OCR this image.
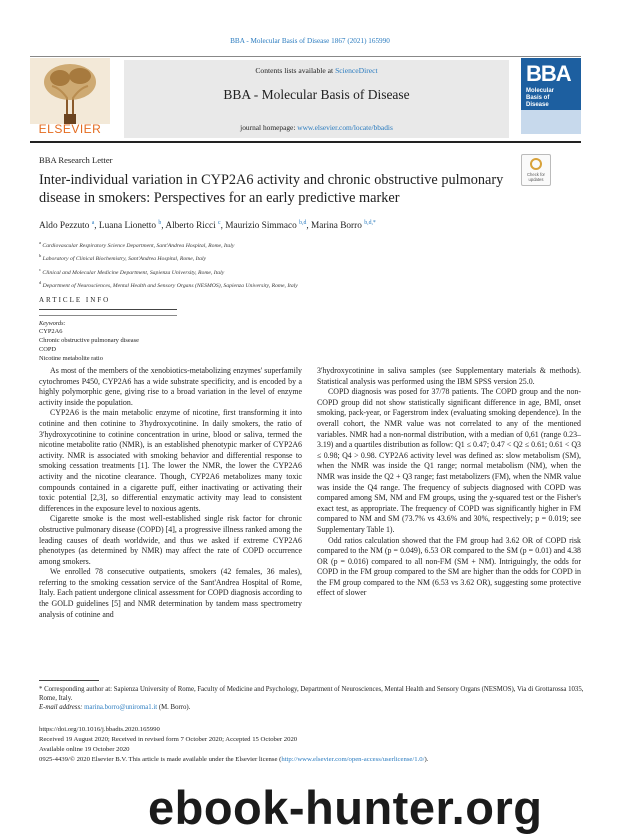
BBA - Molecular Basis of Disease 1867 (2021) 165990
ELSEVIER
Contents lists available at ScienceDirect
BBA - Molecular Basis of Disease
journal homepage: www.elsevier.com/locate/bbadis
BBA
Molecular
Basis of
Disease
BBA Research Letter
Inter-individual variation in CYP2A6 activity and chronic obstructive pulmonary disease in smokers: Perspectives for an early predictive marker
Check for updates
Aldo Pezzuto $^a$, Luana Lionetto $^b$, Alberto Ricci $^c$, Maurizio Simmaco $^{b,d}$, Marina Borro $^{b,d,*}$
$^a$ Cardiovascular Respiratory Science Department, Sant'Andrea Hospital, Rome, Italy
$^b$ Laboratory of Clinical Biochemistry, Sant'Andrea Hospital, Rome, Italy
$^c$ Clinical and Molecular Medicine Department, Sapienza University, Rome, Italy
$^d$ Department of Neurosciences, Mental Health and Sensory Organs (NESMOS), Sapienza University, Rome, Italy
ARTICLE INFO
Keywords:
CYP2A6
Chronic obstructive pulmonary disease
COPD
Nicotine metabolite ratio

As most of the members of the xenobiotics-metabolizing enzymes' superfamily cytochromes P450, CYP2A6 has a wide substrate specificity, and is encoded by a highly polymorphic gene, giving rise to a broad variation in the level of enzyme activity inside the population.

CYP2A6 is the main metabolic enzyme of nicotine, first transforming it into cotinine and then cotinine to 3'hydroxycotinine. In daily smokers, the ratio of 3'hydroxycotinine to cotinine concentration in urine, blood or saliva, termed the nicotine metabolite ratio (NMR), is an established phenotypic marker of CYP2A6 activity. NMR is associated with smoking behavior and differential response to smoking cessation treatments [1]. The lower the NMR, the lower the CYP2A6 activity and the nicotine clearance. Though, CYP2A6 metabolizes many toxic compounds contained in a cigarette puff, either inactivating or activating their toxic potential [2,3], so differential enzymatic activity may lead to consistent differences in the exposure level to noxious agents.

Cigarette smoke is the most well-established single risk factor for chronic obstructive pulmonary disease (COPD) [4], a progressive illness ranked among the leading causes of death worldwide, and thus we asked if extreme CYP2A6 phenotypes (as determined by NMR) may affect the rate of COPD occurrence among smokers.

We enrolled 78 consecutive outpatients, smokers (42 females, 36 males), referring to the smoking cessation service of the Sant'Andrea Hospital of Rome, Italy. Each patient undergone clinical assessment for COPD diagnosis according to the GOLD guidelines [5] and NMR determination by tandem mass spectrometry analysis of cotinine and

3'hydroxycotinine in saliva samples (see Supplementary materials & methods). Statistical analysis was performed using the IBM SPSS version 25.0.

COPD diagnosis was posed for 37/78 patients. The COPD group and the non-COPD group did not show statistically significant difference in age, BMI, onset smoking, pack-year, or Fagerstrom index (evaluating smoking dependence). In the overall cohort, the NMR value was not correlated to any of the mentioned variables. NMR had a non-normal distribution, with a median of 0,61 (range 0.23–3.19) and a quartiles distribution as follow: Q1 ≤ 0.47; 0.47 < Q2 ≤ 0.61; 0.61 < Q3 ≤ 0.98; Q4 > 0.98. CYP2A6 activity level was defined as: slow metabolism (SM), when the NMR was inside the Q1 range; normal metabolism (NM), when the NMR was inside the Q2 + Q3 range; fast metabolizers (FM), when the NMR value was inside the Q4 range. The frequency of subjects diagnosed with COPD was compared among SM, NM and FM groups, using the χ-squared test or the Fisher's exact test, as appropriate. The frequency of COPD was significantly higher in FM compared to NM and SM (73.7% vs 43.6% and 30%, respectively; p = 0.019; see Supplementary Table 1).

Odd ratios calculation showed that the FM group had 3.62 OR of COPD risk compared to the NM (p = 0.049), 6.53 OR compared to the SM (p = 0.01) and 4.38 OR (p = 0.016) compared to all non-FM (SM + NM). Intriguingly, the odds for COPD in the FM group compared to the SM are higher than the odds for COPD in the FM group compared to the NM (6.53 vs 3.62 OR), suggesting some protective effect of slower

* Corresponding author at: Sapienza University of Rome, Faculty of Medicine and Psychology, Department of Neurosciences, Mental Health and Sensory Organs (NESMOS), Via di Grottarossa 1035, Rome, Italy.
E-mail address: marina.borro@uniroma1.it (M. Borro).
https://doi.org/10.1016/j.bbadis.2020.165990
Received 19 August 2020; Received in revised form 7 October 2020; Accepted 15 October 2020
Available online 19 October 2020
0925-4439/© 2020 Elsevier B.V. This article is made available under the Elsevier license (http://www.elsevier.com/open-access/userlicense/1.0/).
ebook-hunter.org
